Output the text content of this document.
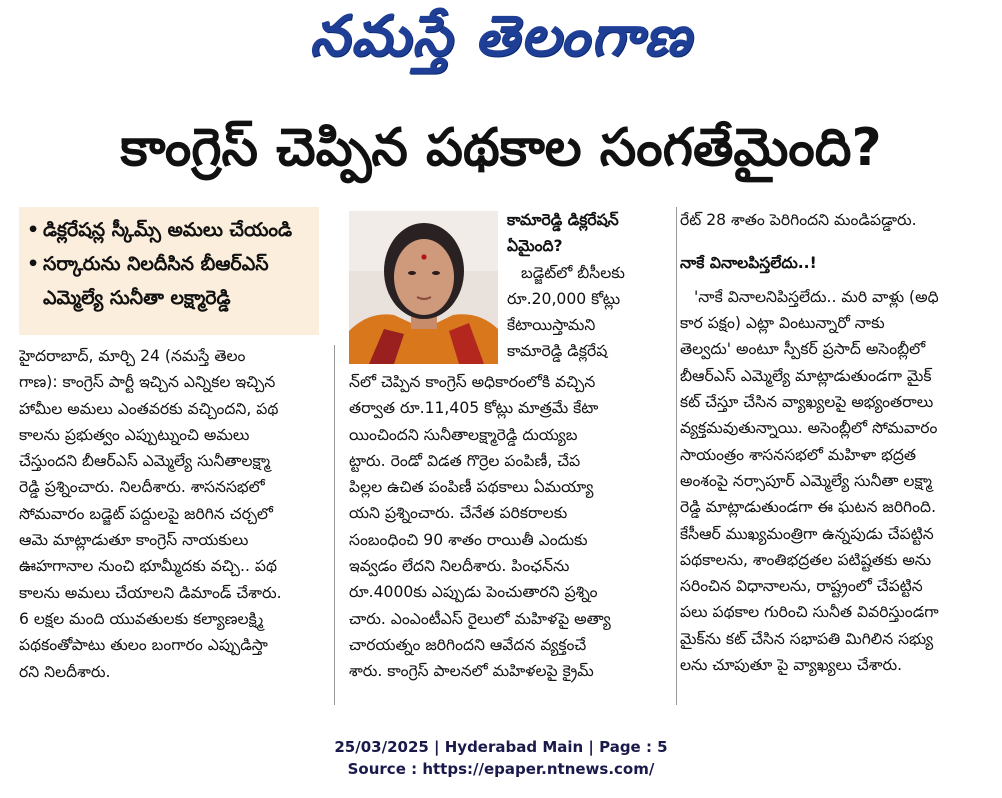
నమస్తే తెలంగాణ
కాంగ్రెస్ చెప్పిన పథకాల సంగతేమైంది?
• డిక్లరేషన్ల స్కీమ్స్ అమలు చేయండి
• సర్కారును నిలదీసిన బీఆర్ఎస్
ఎమ్మెల్యే సునీతా లక్ష్మారెడ్డి
హైదరాబాద్, మార్చి 24 (నమస్తే తెలం
గాణ): కాంగ్రెస్ పార్టీ ఇచ్చిన ఎన్నికల ఇచ్చిన
హామీల అమలు ఎంతవరకు వచ్చిందని, పథ
కాలను ప్రభుత్వం ఎప్పుట్నుంచి అమలు
చేస్తుందని బీఆర్ఎస్ ఎమ్మెల్యే సునీతాలక్ష్మా
రెడ్డి ప్రశ్నించారు. నిలదీశారు. శాసనసభలో
సోమవారం బడ్జెట్ పద్దులపై జరిగిన చర్చలో
ఆమె మాట్లాడుతూ కాంగ్రెస్ నాయకులు
ఊహగానాల నుంచి భూమ్మీదకు వచ్చి.. పథ
కాలను అమలు చేయాలని డిమాండ్ చేశారు.
6 లక్షల మంది యువతులకు కల్యాణలక్ష్మి
పథకంతోపాటు తులం బంగారం ఎప్పుడిస్తా
రని నిలదీశారు.
కామారెడ్డి డిక్లరేషన్
ఏమైంది?
బడ్జెట్‌లో బీసీలకు
రూ.20,000 కోట్లు
కేటాయిస్తామని
కామారెడ్డి డిక్లరేష
న్‌లో చెప్పిన కాంగ్రెస్ అధికారంలోకి వచ్చిన
తర్వాత రూ.11,405 కోట్లు మాత్రమే కేటా
యించిందని సునీతాలక్ష్మారెడ్డి దుయ్యబ
ట్టారు. రెండో విడత గొర్రెల పంపిణీ, చేప
పిల్లల ఉచిత పంపిణీ పథకాలు ఏమయ్యా
యని ప్రశ్నించారు. చేనేత పరికరాలకు
సంబంధించి 90 శాతం రాయితీ ఎందుకు
ఇవ్వడం లేదని నిలదీశారు. పింఛన్‌ను
రూ.4000కు ఎప్పుడు పెంచుతారని ప్రశ్నిం
చారు. ఎంఎంటీఎస్ రైలులో మహిళపై అత్యా
చారయత్నం జరిగిందని ఆవేదన వ్యక్తంచే
శారు. కాంగ్రెస్ పాలనలో మహిళలపై క్రైమ్
రేట్ 28 శాతం పెరిగిందని మండిపడ్డారు.

నాకే వినాలపిస్తలేదు..!
'నాకే వినాలనిపిస్తలేదు.. మరి వాళ్లు (అధి
కార పక్షం) ఎట్లా వింటున్నారో నాకు
తెల్వదు' అంటూ స్పీకర్ ప్రసాద్ అసెంబ్లీలో
బీఆర్ఎస్ ఎమ్మెల్యే మాట్లాడుతుండగా మైక్
కట్ చేస్తూ చేసిన వ్యాఖ్యలపై అభ్యంతరాలు
వ్యక్తమవుతున్నాయి. అసెంబ్లీలో సోమవారం
సాయంత్రం శాసనసభలో మహిళా భద్రత
అంశంపై నర్సాపూర్ ఎమ్మెల్యే సునీతా లక్ష్మా
రెడ్డి మాట్లాడుతుండగా ఈ ఘటన జరిగింది.
కేసీఆర్ ముఖ్యమంత్రిగా ఉన్నపుడు చేపట్టిన
పథకాలను, శాంతిభద్రతల పటిష్టతకు అను
సరించిన విధానాలను, రాష్ట్రంలో చేపట్టిన
పలు పథకాల గురించి సునీత వివరిస్తుండగా
మైక్‌ను కట్ చేసిన సభాపతి మిగిలిన సభ్యు
లను చూపుతూ పై వ్యాఖ్యలు చేశారు.
25/03/2025 | Hyderabad Main | Page : 5
Source : https://epaper.ntnews.com/
